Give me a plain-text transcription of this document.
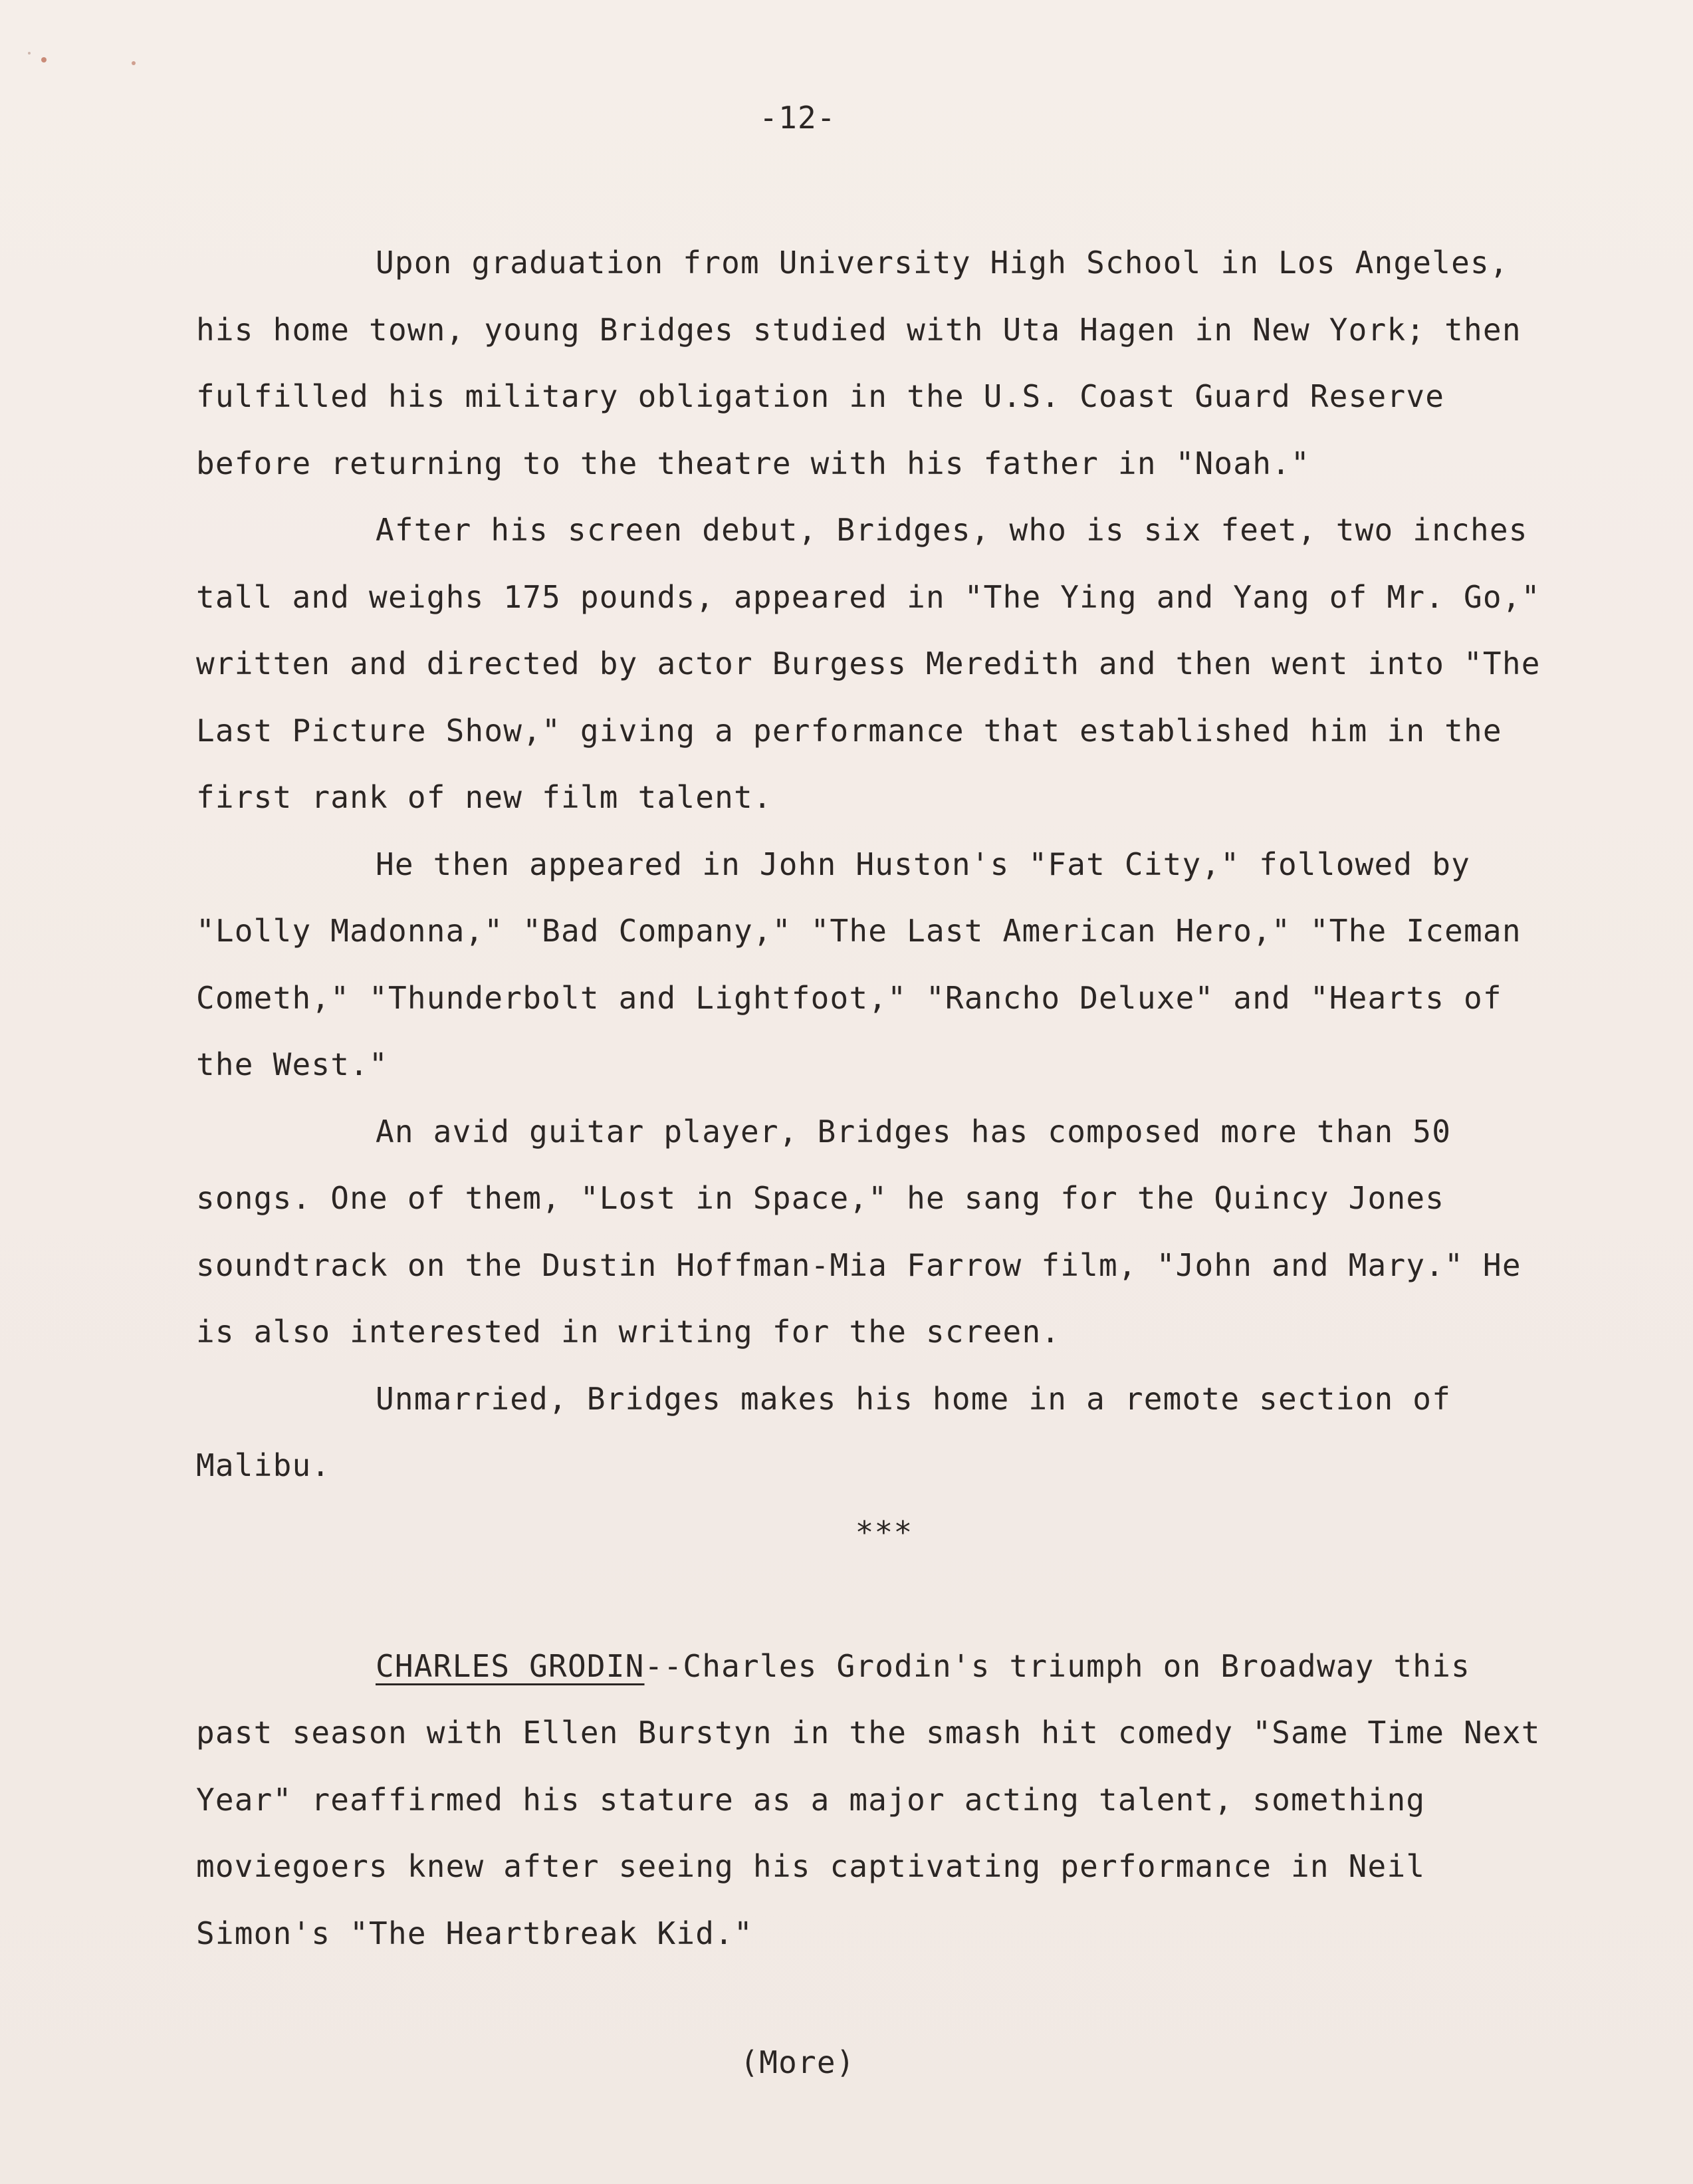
-12-

Upon graduation from University High School in Los Angeles, his home town, young Bridges studied with Uta Hagen in New York; then fulfilled his military obligation in the U.S. Coast Guard Reserve before returning to the theatre with his father in "Noah."

After his screen debut, Bridges, who is six feet, two inches tall and weighs 175 pounds, appeared in "The Ying and Yang of Mr. Go," written and directed by actor Burgess Meredith and then went into "The Last Picture Show," giving a performance that established him in the first rank of new film talent.

He then appeared in John Huston's "Fat City," followed by "Lolly Madonna," "Bad Company," "The Last American Hero," "The Iceman Cometh," "Thunderbolt and Lightfoot," "Rancho Deluxe" and "Hearts of the West."

An avid guitar player, Bridges has composed more than 50 songs. One of them, "Lost in Space," he sang for the Quincy Jones soundtrack on the Dustin Hoffman-Mia Farrow film, "John and Mary." He is also interested in writing for the screen.

Unmarried, Bridges makes his home in a remote section of Malibu.

***

CHARLES GRODIN--Charles Grodin's triumph on Broadway this past season with Ellen Burstyn in the smash hit comedy "Same Time Next Year" reaffirmed his stature as a major acting talent, something moviegoers knew after seeing his captivating performance in Neil Simon's "The Heartbreak Kid."

(More)
